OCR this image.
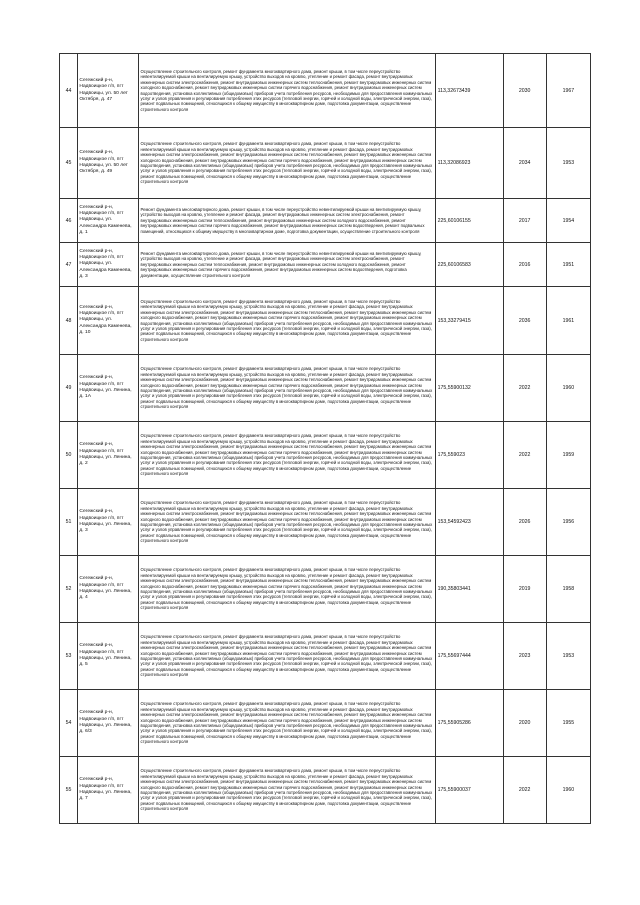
44	Сегежский р-н, Надвоицкое г/п, пгт Надвоицы, ул. 50 лет Октября, д. 47	Осуществление строительного контроля, ремонт фундамента многоквартирного дома, ремонт крыши, в том числе переустройство невентилируемой крыши на вентилируемую крышу, устройство выходов на кровлю, утепление и ремонт фасада, ремонт внутридомовых инженерных систем электроснабжения, ремонт внутридомовых инженерных систем теплоснабжения, ремонт внутридомовых инженерных систем холодного водоснабжения, ремонт внутридомовых инженерных систем горячего водоснабжения, ремонт внутридомовых инженерных систем водоотведения, установка коллективных (общедомовых) приборов учета потребления ресурсов, необходимых для предоставления коммунальных услуг и узлов управления и регулирования потребления этих ресурсов (тепловой энергии, горячей и холодной воды, электрической энергии, газа), ремонт подвальных помещений, относящихся к общему имуществу в многоквартирном доме, подготовка документации, осуществление строительного контроля	113,32673439	2030	1967
45	Сегежский р-н, Надвоицкое г/п, пгт Надвоицы, ул. 50 лет Октября, д. 49	Осуществление строительного контроля, ремонт фундамента многоквартирного дома, ремонт крыши, в том числе переустройство невентилируемой крыши на вентилируемую крышу, устройство выходов на кровлю, утепление и ремонт фасада, ремонт внутридомовых инженерных систем электроснабжения, ремонт внутридомовых инженерных систем теплоснабжения, ремонт внутридомовых инженерных систем холодного водоснабжения, ремонт внутридомовых инженерных систем горячего водоснабжения, ремонт внутридомовых инженерных систем водоотведения, установка коллективных (общедомовых) приборов учета потребления ресурсов, необходимых для предоставления коммунальных услуг и узлов управления и регулирования потребления этих ресурсов (тепловой энергии, горячей и холодной воды, электрической энергии, газа), ремонт подвальных помещений, относящихся к общему имуществу в многоквартирном доме, подготовка документации, осуществление строительного контроля	113,32086923	2034	1953
46	Сегежский р-н, Надвоицкое г/п, пгт Надвоицы, ул. Александра Каменева, д. 1	Ремонт фундамента многоквартирного дома, ремонт крыши, в том числе переустройство невентилируемой крыши на вентилируемую крышу, устройство выходов на кровлю, утепление и ремонт фасада, ремонт внутридомовых инженерных систем электроснабжения, ремонт внутридомовых инженерных систем теплоснабжения, ремонт внутридомовых инженерных систем холодного водоснабжения, ремонт внутридомовых инженерных систем горячего водоснабжения, ремонт внутридомовых инженерных систем водоотведения, ремонт подвальных помещений, относящихся к общему имуществу в многоквартирном доме, подготовка документации, осуществление строительного контроля	225,60106155	2017	1954
47	Сегежский р-н, Надвоицкое г/п, пгт Надвоицы, ул. Александра Каменева, д. 3	Ремонт фундамента многоквартирного дома, ремонт крыши, в том числе переустройство невентилируемой крыши на вентилируемую крышу, устройство выходов на кровлю, утепление и ремонт фасада, ремонт внутридомовых инженерных систем электроснабжения, ремонт внутридомовых инженерных систем теплоснабжения, ремонт внутридомовых инженерных систем холодного водоснабжения, ремонт внутридомовых инженерных систем горячего водоснабжения, ремонт внутридомовых инженерных систем водоотведения, подготовка документации, осуществление строительного контроля	225,60106583	2016	1951
48	Сегежский р-н, Надвоицкое г/п, пгт Надвоицы, ул. Александра Каменева, д. 10	Осуществление строительного контроля, ремонт фундамента многоквартирного дома, ремонт крыши, в том числе переустройство невентилируемой крыши на вентилируемую крышу, устройство выходов на кровлю, утепление и ремонт фасада, ремонт внутридомовых инженерных систем электроснабжения, ремонт внутридомовых инженерных систем теплоснабжения, ремонт внутридомовых инженерных систем холодного водоснабжения, ремонт внутридомовых инженерных систем горячего водоснабжения, ремонт внутридомовых инженерных систем водоотведения, установка коллективных (общедомовых) приборов учета потребления ресурсов, необходимых для предоставления коммунальных услуг и узлов управления и регулирования потребления этих ресурсов (тепловой энергии, горячей и холодной воды, электрической энергии, газа), ремонт подвальных помещений, относящихся к общему имуществу в многоквартирном доме, подготовка документации, осуществление строительного контроля	153,33279415	2036	1961
49	Сегежский р-н, Надвоицкое г/п, пгт Надвоицы, ул. Ленина, д. 1А	Осуществление строительного контроля, ремонт фундамента многоквартирного дома, ремонт крыши, в том числе переустройство невентилируемой крыши на вентилируемую крышу, устройство выходов на кровлю, утепление и ремонт фасада, ремонт внутридомовых инженерных систем электроснабжения, ремонт внутридомовых инженерных систем теплоснабжения, ремонт внутридомовых инженерных систем холодного водоснабжения, ремонт внутридомовых инженерных систем горячего водоснабжения, ремонт внутридомовых инженерных систем водоотведения, установка коллективных (общедомовых) приборов учета потребления ресурсов, необходимых для предоставления коммунальных услуг и узлов управления и регулирования потребления этих ресурсов (тепловой энергии, горячей и холодной воды, электрической энергии, газа), ремонт подвальных помещений, относящихся к общему имуществу в многоквартирном доме, подготовка документации, осуществление строительного контроля	175,55900132	2022	1960
50	Сегежский р-н, Надвоицкое г/п, пгт Надвоицы, ул. Ленина, д. 2	Осуществление строительного контроля, ремонт фундамента многоквартирного дома, ремонт крыши, в том числе переустройство невентилируемой крыши на вентилируемую крышу, устройство выходов на кровлю, утепление и ремонт фасада, ремонт внутридомовых инженерных систем электроснабжения, ремонт внутридомовых инженерных систем теплоснабжения, ремонт внутридомовых инженерных систем холодного водоснабжения, ремонт внутридомовых инженерных систем горячего водоснабжения, ремонт внутридомовых инженерных систем водоотведения, установка коллективных (общедомовых) приборов учета потребления ресурсов, необходимых для предоставления коммунальных услуг и узлов управления и регулирования потребления этих ресурсов (тепловой энергии, горячей и холодной воды, электрической энергии, газа), ремонт подвальных помещений, относящихся к общему имуществу в многоквартирном доме, подготовка документации, осуществление строительного контроля	175,559023	2022	1959
51	Сегежский р-н, Надвоицкое г/п, пгт Надвоицы, ул. Ленина, д. 3	Осуществление строительного контроля, ремонт фундамента многоквартирного дома, ремонт крыши, в том числе переустройство невентилируемой крыши на вентилируемую крышу, устройство выходов на кровлю, утепление и ремонт фасада, ремонт внутридомовых инженерных систем электроснабжения, ремонт внутридомовых инженерных систем теплоснабжения, ремонт внутридомовых инженерных систем холодного водоснабжения, ремонт внутридомовых инженерных систем горячего водоснабжения, ремонт внутридомовых инженерных систем водоотведения, установка коллективных (общедомовых) приборов учета потребления ресурсов, необходимых для предоставления коммунальных услуг и узлов управления и регулирования потребления этих ресурсов (тепловой энергии, горячей и холодной воды, электрической энергии, газа), ремонт подвальных помещений, относящихся к общему имуществу в многоквартирном доме, подготовка документации, осуществление строительного контроля	153,54592423	2026	1956
52	Сегежский р-н, Надвоицкое г/п, пгт Надвоицы, ул. Ленина, д. 4	Осуществление строительного контроля, ремонт фундамента многоквартирного дома, ремонт крыши, в том числе переустройство невентилируемой крыши на вентилируемую крышу, устройство выходов на кровлю, утепление и ремонт фасада, ремонт внутридомовых инженерных систем электроснабжения, ремонт внутридомовых инженерных систем теплоснабжения, ремонт внутридомовых инженерных систем холодного водоснабжения, ремонт внутридомовых инженерных систем горячего водоснабжения, ремонт внутридомовых инженерных систем водоотведения, установка коллективных (общедомовых) приборов учета потребления ресурсов, необходимых для предоставления коммунальных услуг и узлов управления и регулирования потребления этих ресурсов (тепловой энергии, горячей и холодной воды, электрической энергии, газа), ремонт подвальных помещений, относящихся к общему имуществу в многоквартирном доме, подготовка документации, осуществление строительного контроля	190,35803441	2019	1958
53	Сегежский р-н, Надвоицкое г/п, пгт Надвоицы, ул. Ленина, д. 5	Осуществление строительного контроля, ремонт фундамента многоквартирного дома, ремонт крыши, в том числе переустройство невентилируемой крыши на вентилируемую крышу, устройство выходов на кровлю, утепление и ремонт фасада, ремонт внутридомовых инженерных систем электроснабжения, ремонт внутридомовых инженерных систем теплоснабжения, ремонт внутридомовых инженерных систем холодного водоснабжения, ремонт внутридомовых инженерных систем горячего водоснабжения, ремонт внутридомовых инженерных систем водоотведения, установка коллективных (общедомовых) приборов учета потребления ресурсов, необходимых для предоставления коммунальных услуг и узлов управления и регулирования потребления этих ресурсов (тепловой энергии, горячей и холодной воды, электрической энергии, газа), ремонт подвальных помещений, относящихся к общему имуществу в многоквартирном доме, подготовка документации, осуществление строительного контроля	175,55697444	2023	1953
54	Сегежский р-н, Надвоицкое г/п, пгт Надвоицы, ул. Ленина, д. 6/3	Осуществление строительного контроля, ремонт фундамента многоквартирного дома, ремонт крыши, в том числе переустройство невентилируемой крыши на вентилируемую крышу, устройство выходов на кровлю, утепление и ремонт фасада, ремонт внутридомовых инженерных систем электроснабжения, ремонт внутридомовых инженерных систем теплоснабжения, ремонт внутридомовых инженерных систем холодного водоснабжения, ремонт внутридомовых инженерных систем горячего водоснабжения, ремонт внутридомовых инженерных систем водоотведения, установка коллективных (общедомовых) приборов учета потребления ресурсов, необходимых для предоставления коммунальных услуг и узлов управления и регулирования потребления этих ресурсов (тепловой энергии, горячей и холодной воды, электрической энергии, газа), ремонт подвальных помещений, относящихся к общему имуществу в многоквартирном доме, подготовка документации, осуществление строительного контроля	175,55905286	2020	1955
55	Сегежский р-н, Надвоицкое г/п, пгт Надвоицы, ул. Ленина, д. 7	Осуществление строительного контроля, ремонт фундамента многоквартирного дома, ремонт крыши, в том числе переустройство невентилируемой крыши на вентилируемую крышу, устройство выходов на кровлю, утепление и ремонт фасада, ремонт внутридомовых инженерных систем электроснабжения, ремонт внутридомовых инженерных систем теплоснабжения, ремонт внутридомовых инженерных систем холодного водоснабжения, ремонт внутридомовых инженерных систем горячего водоснабжения, ремонт внутридомовых инженерных систем водоотведения, установка коллективных (общедомовых) приборов учета потребления ресурсов, необходимых для предоставления коммунальных услуг и узлов управления и регулирования потребления этих ресурсов (тепловой энергии, горячей и холодной воды, электрической энергии, газа), ремонт подвальных помещений, относящихся к общему имуществу в многоквартирном доме, подготовка документации, осуществление строительного контроля	175,55900037	2022	1960
